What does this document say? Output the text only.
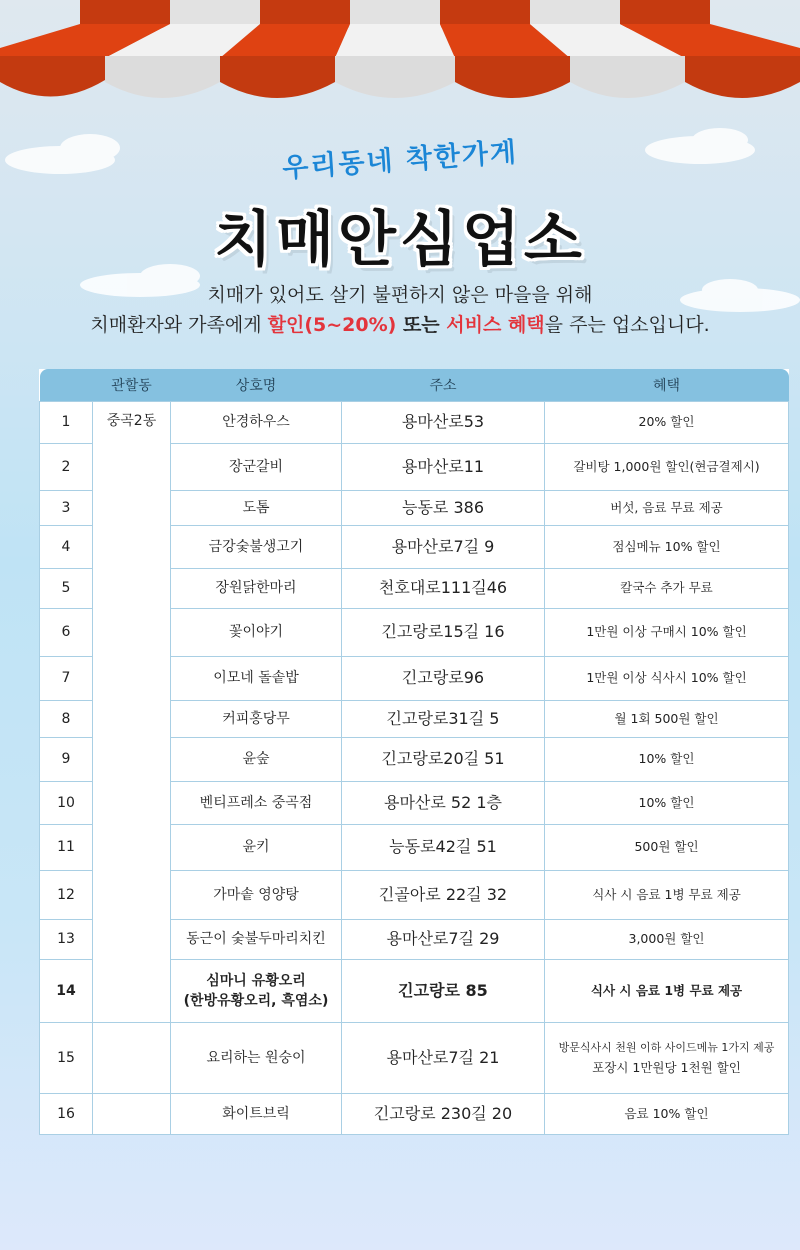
우리동네 착한가게
치매안심업소
치매가 있어도 살기 불편하지 않은 마을을 위해
치매환자와 가족에게 할인(5~20%) 또는 서비스 혜택을 주는 업소입니다.
	관할동	상호명	주소	혜택
1	중곡2동	안경하우스	용마산로53	20% 할인
2		장군갈비	용마산로11	갈비탕 1,000원 할인(현금결제시)
3		도톰	능동로 386	버섯, 음료 무료 제공
4		금강숯불생고기	용마산로7길 9	점심메뉴 10% 할인
5		장원닭한마리	천호대로111길46	칼국수 추가 무료
6		꽃이야기	긴고랑로15길 16	1만원 이상 구매시 10% 할인
7		이모네 돌솥밥	긴고랑로96	1만원 이상 식사시 10% 할인
8		커피홍당무	긴고랑로31길 5	월 1회 500원 할인
9		윤숲	긴고랑로20길 51	10% 할인
10		벤티프레소 중곡점	용마산로 52 1층	10% 할인
11		윤키	능동로42길 51	500원 할인
12		가마솥 영양탕	긴골아로 22길 32	식사 시 음료 1병 무료 제공
13		동근이 숯불두마리치킨	용마산로7길 29	3,000원 할인
14		심마니 유황오리
(한방유황오리, 흑염소)	긴고랑로 85	식사 시 음료 1병 무료 제공
15		요리하는 원숭이	용마산로7길 21	방문식사시 천원 이하 사이드메뉴 1가지 제공
포장시 1만원당 1천원 할인

16		화이트브릭	긴고랑로 230길 20	음료 10% 할인
